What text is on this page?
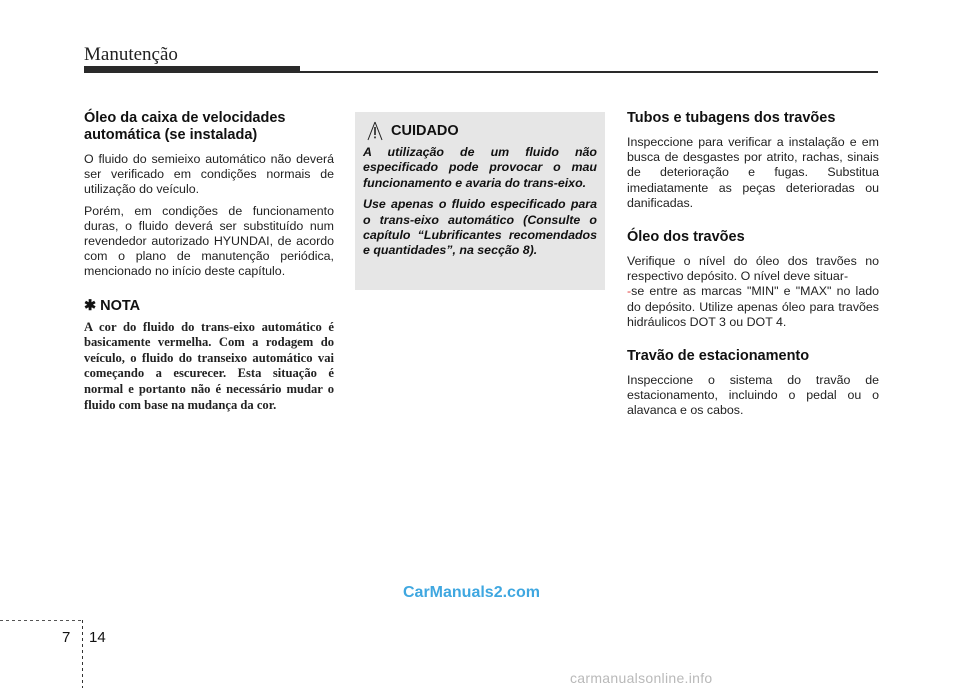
Manutenção
Óleo da caixa de velocidades automática (se instalada)

O fluido do semieixo automático não deverá ser verificado em condições normais de utilização do veículo.

Porém, em condições de funcionamento duras, o fluido deverá ser substituído num revendedor autorizado HYUNDAI, de acordo com o plano de manutenção periódica, mencionado no início deste capítulo.

✱ NOTA

A cor do fluido do trans-eixo automático é basicamente vermelha. Com a rodagem do veículo, o fluido do transeixo automático vai começando a escurecer. Esta situação é normal e portanto não é necessário mudar o fluido com base na mudança da cor.

CUIDADO

A utilização de um fluido não especificado pode provocar o mau funcionamento e avaria do trans-eixo.

Use apenas o fluido especificado para o trans-eixo automático (Consulte o capítulo “Lubrificantes recomendados e quantidades”, na secção 8).

Tubos e tubagens dos travões

Inspeccione para verificar a instalação e em busca de desgastes por atrito, rachas, sinais de deterioração e fugas. Substitua imediatamente as peças deterioradas ou danificadas.

Óleo dos travões

Verifique o nível do óleo dos travões no respectivo depósito. O nível deve situar-
-se entre as marcas "MIN" e "MAX" no lado do depósito. Utilize apenas óleo para travões hidráulicos DOT 3 ou DOT 4.

Travão de estacionamento

Inspeccione o sistema do travão de estacionamento, incluindo o pedal ou o alavanca e os cabos.

CarManuals2.com
7 14
carmanualsonline.info
